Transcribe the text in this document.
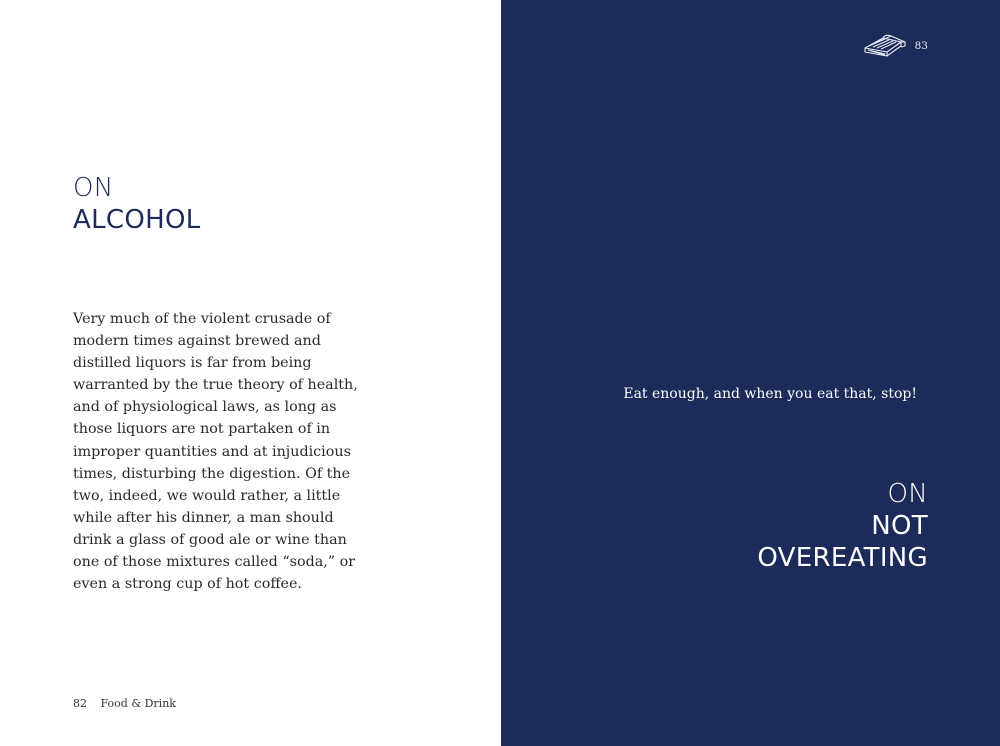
ON
ALCOHOL

Very much of the violent crusade of modern times against brewed and distilled liquors is far from being warranted by the true theory of health, and of physiological laws, as long as those liquors are not partaken of in improper quantities and at injudicious times, disturbing the digestion. Of the two, indeed, we would rather, a little while after his dinner, a man should drink a glass of good ale or wine than one of those mixtures called “soda,” or even a strong cup of hot coffee.

82 Food & Drink
83
Eat enough, and when you eat that, stop!
ON
NOT
OVEREATING
